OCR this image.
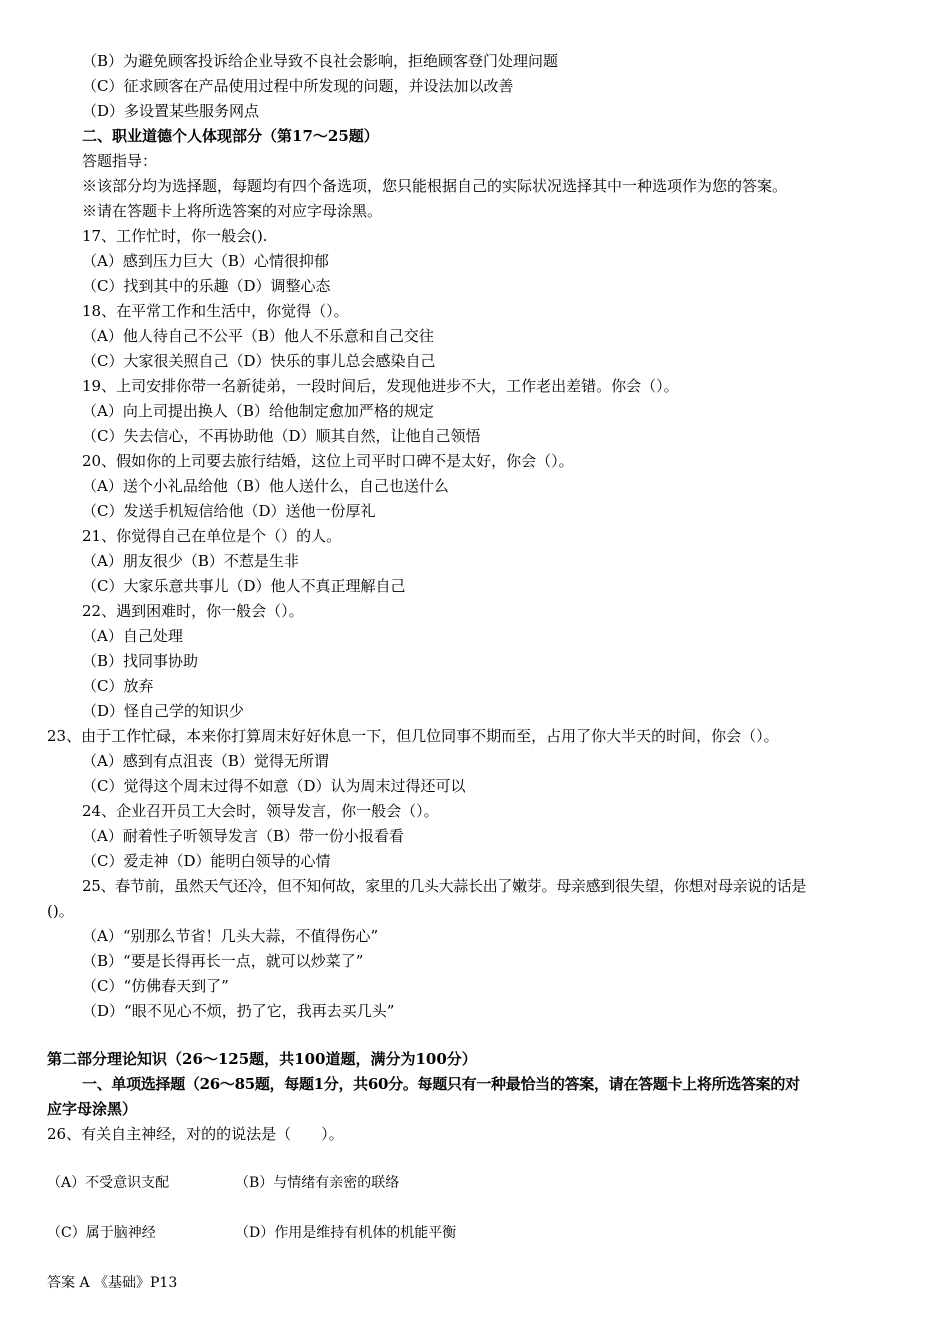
（B）为避免顾客投诉给企业导致不良社会影响，拒绝顾客登门处理问题
（C）征求顾客在产品使用过程中所发现的问题，并设法加以改善
（D）多设置某些服务网点
二、职业道德个人体现部分（第17～25题）
答题指导：
※该部分均为选择题，每题均有四个备选项，您只能根据自己的实际状况选择其中一种选项作为您的答案。
※请在答题卡上将所选答案的对应字母涂黑。
17、工作忙时，你一般会().
（A）感到压力巨大（B）心情很抑郁
（C）找到其中的乐趣（D）调整心态
18、在平常工作和生活中，你觉得（）。
（A）他人待自己不公平（B）他人不乐意和自己交往
（C）大家很关照自己（D）快乐的事儿总会感染自己
19、上司安排你带一名新徒弟，一段时间后，发现他进步不大，工作老出差错。你会（）。
（A）向上司提出换人（B）给他制定愈加严格的规定
（C）失去信心，不再协助他（D）顺其自然，让他自己领悟
20、假如你的上司要去旅行结婚，这位上司平时口碑不是太好，你会（）。
（A）送个小礼品给他（B）他人送什么，自己也送什么
（C）发送手机短信给他（D）送他一份厚礼
21、你觉得自己在单位是个（）的人。
（A）朋友很少（B）不惹是生非
（C）大家乐意共事儿（D）他人不真正理解自己
22、遇到困难时，你一般会（）。
（A）自己处理
（B）找同事协助
（C）放弃
（D）怪自己学的知识少
23、由于工作忙碌，本来你打算周末好好休息一下，但几位同事不期而至，占用了你大半天的时间，你会（）。
（A）感到有点沮丧（B）觉得无所谓
（C）觉得这个周末过得不如意（D）认为周末过得还可以
24、企业召开员工大会时，领导发言，你一般会（）。
（A）耐着性子听领导发言（B）带一份小报看看
（C）爱走神（D）能明白领导的心情
25、春节前，虽然天气还冷，但不知何故，家里的几头大蒜长出了嫩芽。母亲感到很失望，你想对母亲说的话是
()。
（A）“别那么节省！几头大蒜，不值得伤心”
（B）“要是长得再长一点，就可以炒菜了”
（C）“仿佛春天到了”
（D）“眼不见心不烦，扔了它，我再去买几头”
第二部分理论知识（26～125题，共100道题，满分为100分）
一、单项选择题（26～85题，每题1分，共60分。每题只有一种最恰当的答案，请在答题卡上将所选答案的对
应字母涂黑）
26、有关自主神经，对的的说法是（　　）。
（A）不受意识支配	（B）与情绪有亲密的联络
（C）属于脑神经	（D）作用是维持有机体的机能平衡
答案 A 《基础》P13
